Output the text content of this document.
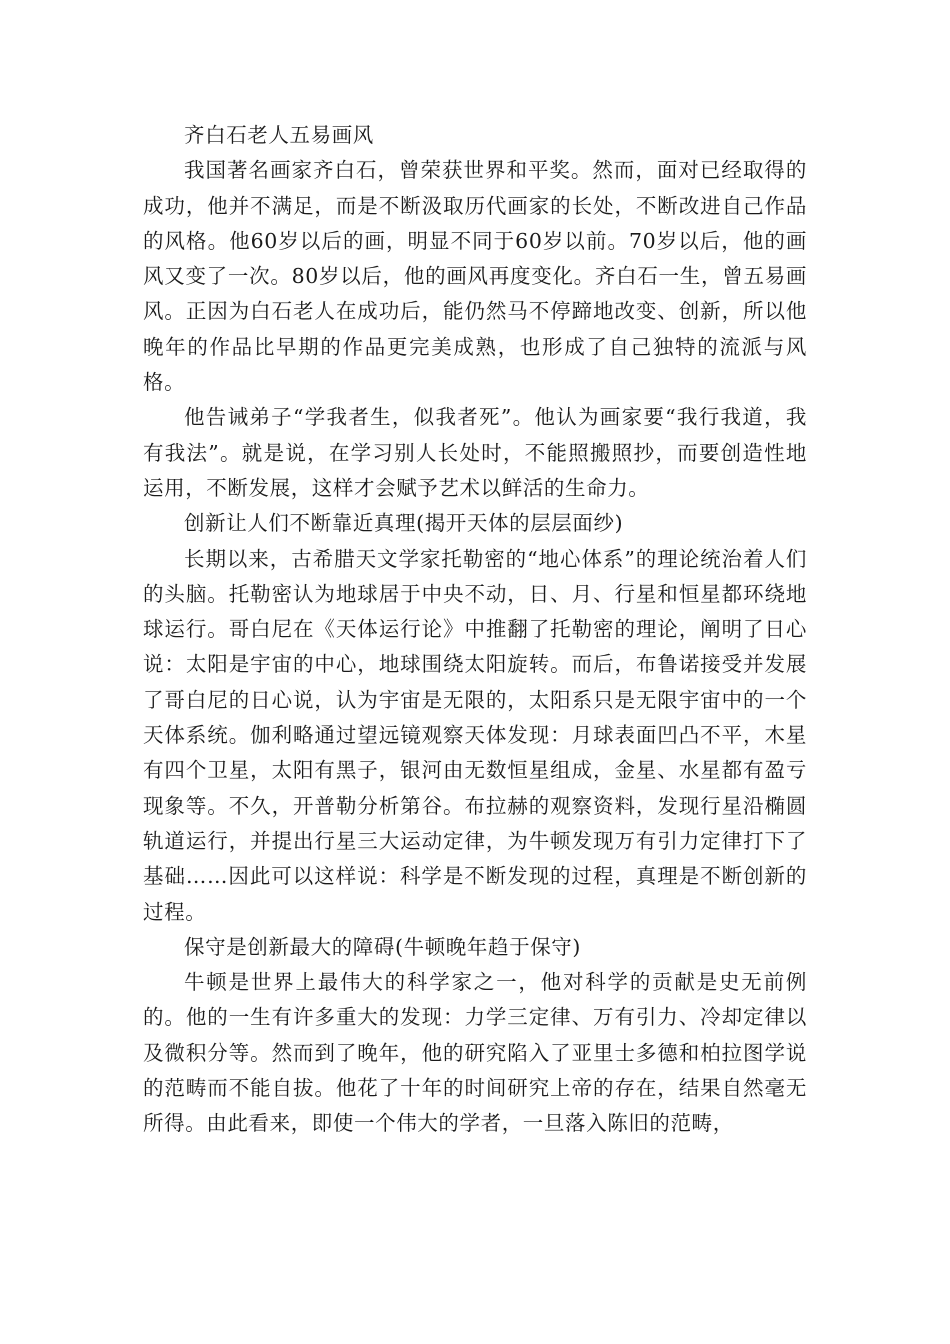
齐白石老人五易画风

我国著名画家齐白石，曾荣获世界和平奖。然而，面对已经取得的成功，他并不满足，而是不断汲取历代画家的长处，不断改进自己作品的风格。他60岁以后的画，明显不同于60岁以前。70岁以后，他的画风又变了一次。80岁以后，他的画风再度变化。齐白石一生，曾五易画风。正因为白石老人在成功后，能仍然马不停蹄地改变、创新，所以他晚年的作品比早期的作品更完美成熟，也形成了自己独特的流派与风格。

他告诫弟子“学我者生，似我者死”。他认为画家要“我行我道，我有我法”。就是说，在学习别人长处时，不能照搬照抄，而要创造性地运用，不断发展，这样才会赋予艺术以鲜活的生命力。

创新让人们不断靠近真理(揭开天体的层层面纱)

长期以来，古希腊天文学家托勒密的“地心体系”的理论统治着人们的头脑。托勒密认为地球居于中央不动，日、月、行星和恒星都环绕地球运行。哥白尼在《天体运行论》中推翻了托勒密的理论，阐明了日心说：太阳是宇宙的中心，地球围绕太阳旋转。而后，布鲁诺接受并发展了哥白尼的日心说，认为宇宙是无限的，太阳系只是无限宇宙中的一个天体系统。伽利略通过望远镜观察天体发现：月球表面凹凸不平，木星有四个卫星，太阳有黑子，银河由无数恒星组成，金星、水星都有盈亏现象等。不久，开普勒分析第谷。布拉赫的观察资料，发现行星沿椭圆轨道运行，并提出行星三大运动定律，为牛顿发现万有引力定律打下了基础……因此可以这样说：科学是不断发现的过程，真理是不断创新的过程。

保守是创新最大的障碍(牛顿晚年趋于保守)

牛顿是世界上最伟大的科学家之一，他对科学的贡献是史无前例的。他的一生有许多重大的发现：力学三定律、万有引力、冷却定律以及微积分等。然而到了晚年，他的研究陷入了亚里士多德和柏拉图学说的范畴而不能自拔。他花了十年的时间研究上帝的存在，结果自然毫无所得。由此看来，即使一个伟大的学者，一旦落入陈旧的范畴，
